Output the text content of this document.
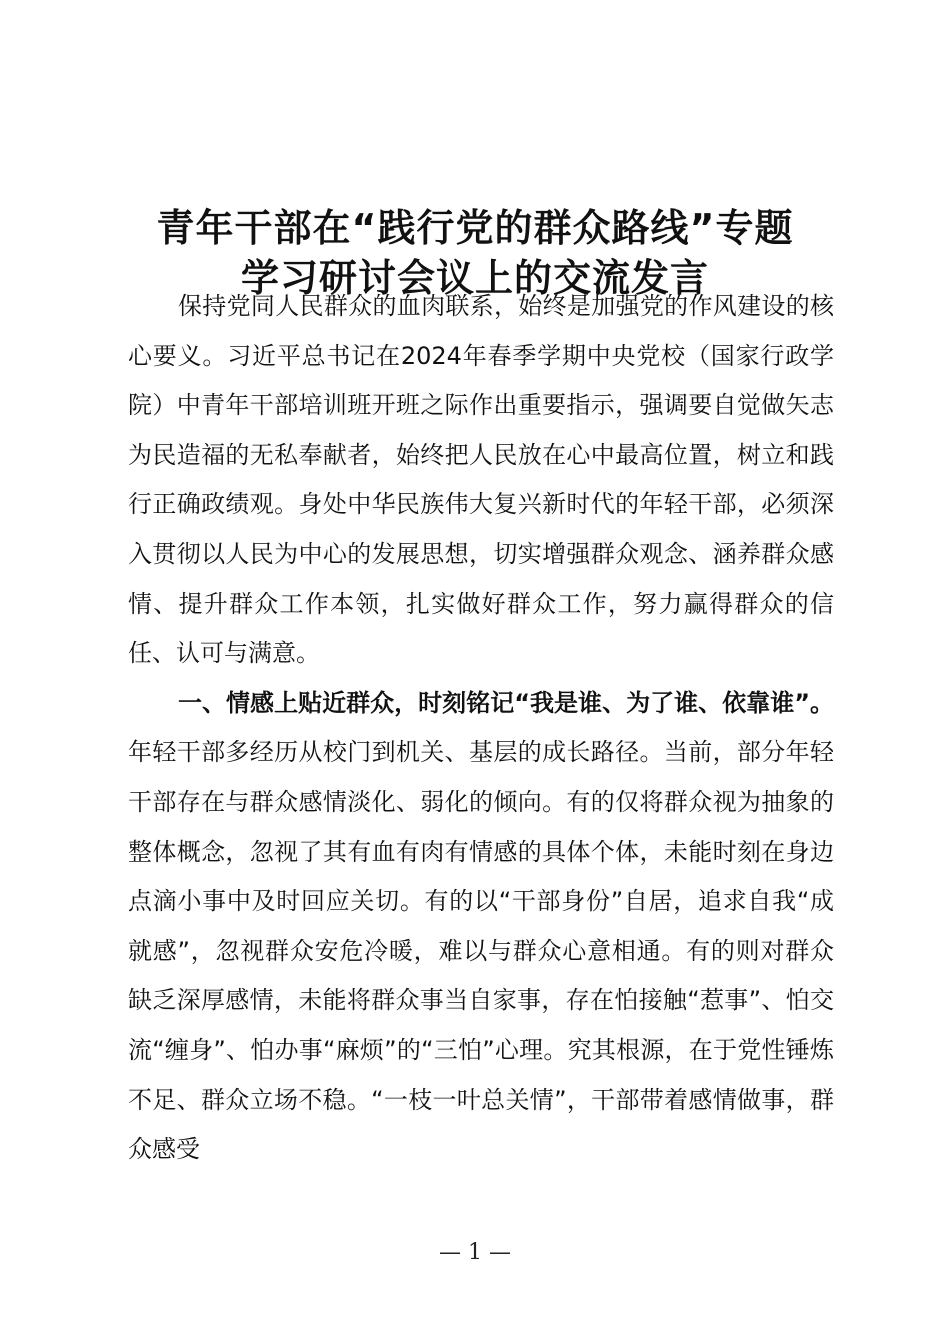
青年干部在“践行党的群众路线”专题
学习研讨会议上的交流发言

保持党同人民群众的血肉联系，始终是加强党的作风建设的核心要义。习近平总书记在2024年春季学期中央党校（国家行政学院）中青年干部培训班开班之际作出重要指示，强调要自觉做矢志为民造福的无私奉献者，始终把人民放在心中最高位置，树立和践行正确政绩观。身处中华民族伟大复兴新时代的年轻干部，必须深入贯彻以人民为中心的发展思想，切实增强群众观念、涵养群众感情、提升群众工作本领，扎实做好群众工作，努力赢得群众的信任、认可与满意。

一、情感上贴近群众，时刻铭记“我是谁、为了谁、依靠谁”。年轻干部多经历从校门到机关、基层的成长路径。当前，部分年轻干部存在与群众感情淡化、弱化的倾向。有的仅将群众视为抽象的整体概念，忽视了其有血有肉有情感的具体个体，未能时刻在身边点滴小事中及时回应关切。有的以“干部身份”自居，追求自我“成就感”，忽视群众安危冷暖，难以与群众心意相通。有的则对群众缺乏深厚感情，未能将群众事当自家事，存在怕接触“惹事”、怕交流“缠身”、怕办事“麻烦”的“三怕”心理。究其根源，在于党性锤炼不足、群众立场不稳。“一枝一叶总关情”，干部带着感情做事，群众感受

— 1 —
